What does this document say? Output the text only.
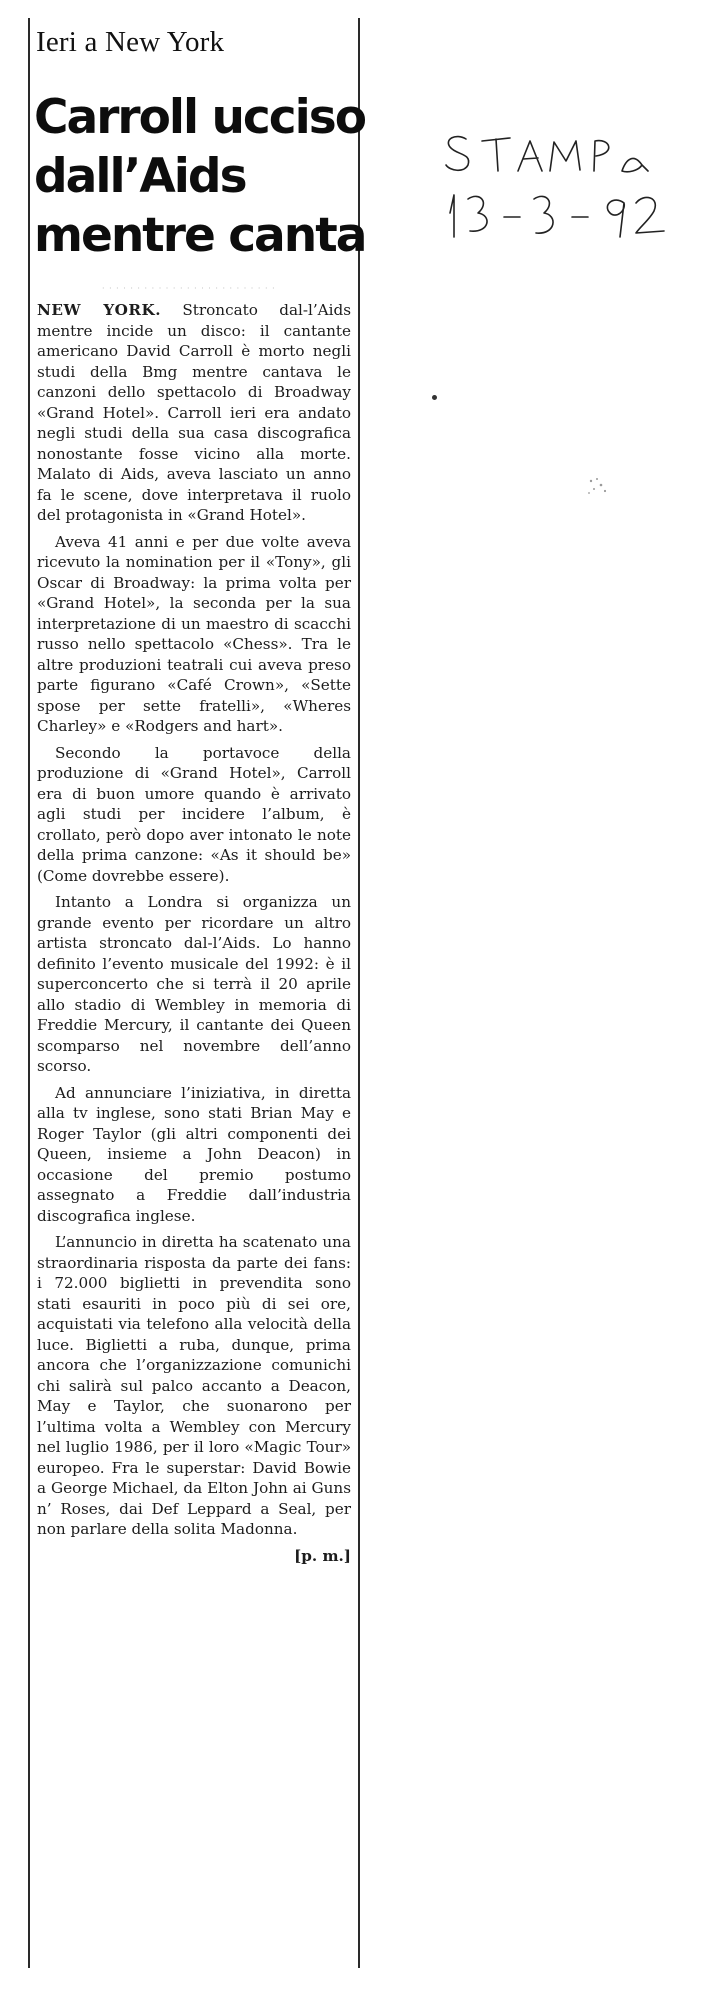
Ieri a New York
Carroll ucciso
dall’Aids
mentre canta
· · · · · · · · · · · · · · · · · · · · · · · · ·

NEW YORK. Stroncato dal-l’Aids mentre incide un disco: il cantante americano David Carroll è morto negli studi della Bmg mentre cantava le canzoni dello spettacolo di Broadway «Grand Hotel». Carroll ieri era andato negli studi della sua casa discografica nonostante fosse vicino alla morte. Malato di Aids, aveva lasciato un anno fa le scene, dove interpretava il ruolo del protagonista in «Grand Hotel».

Aveva 41 anni e per due volte aveva ricevuto la nomination per il «Tony», gli Oscar di Broadway: la prima volta per «Grand Hotel», la seconda per la sua interpretazione di un maestro di scacchi russo nello spettacolo «Chess». Tra le altre produzioni teatrali cui aveva preso parte figurano «Café Crown», «Sette spose per sette fratelli», «Wheres Charley» e «Rodgers and hart».

Secondo la portavoce della produzione di «Grand Hotel», Carroll era di buon umore quando è arrivato agli studi per incidere l’album, è crollato, però dopo aver intonato le note della prima canzone: «As it should be» (Come dovrebbe essere).

Intanto a Londra si organizza un grande evento per ricordare un altro artista stroncato dal-l’Aids. Lo hanno definito l’evento musicale del 1992: è il superconcerto che si terrà il 20 aprile allo stadio di Wembley in memoria di Freddie Mercury, il cantante dei Queen scomparso nel novembre dell’anno scorso.

Ad annunciare l’iniziativa, in diretta alla tv inglese, sono stati Brian May e Roger Taylor (gli altri componenti dei Queen, insieme a John Deacon) in occasione del premio postumo assegnato a Freddie dall’industria discografica inglese.

L’annuncio in diretta ha scatenato una straordinaria risposta da parte dei fans: i 72.000 biglietti in prevendita sono stati esauriti in poco più di sei ore, acquistati via telefono alla velocità della luce. Biglietti a ruba, dunque, prima ancora che l’organizzazione comunichi chi salirà sul palco accanto a Deacon, May e Taylor, che suonarono per l’ultima volta a Wembley con Mercury nel luglio 1986, per il loro «Magic Tour» europeo. Fra le superstar: David Bowie a George Michael, da Elton John ai Guns n’ Roses, dai Def Leppard a Seal, per non parlare della solita Madonna.

[p. m.]
